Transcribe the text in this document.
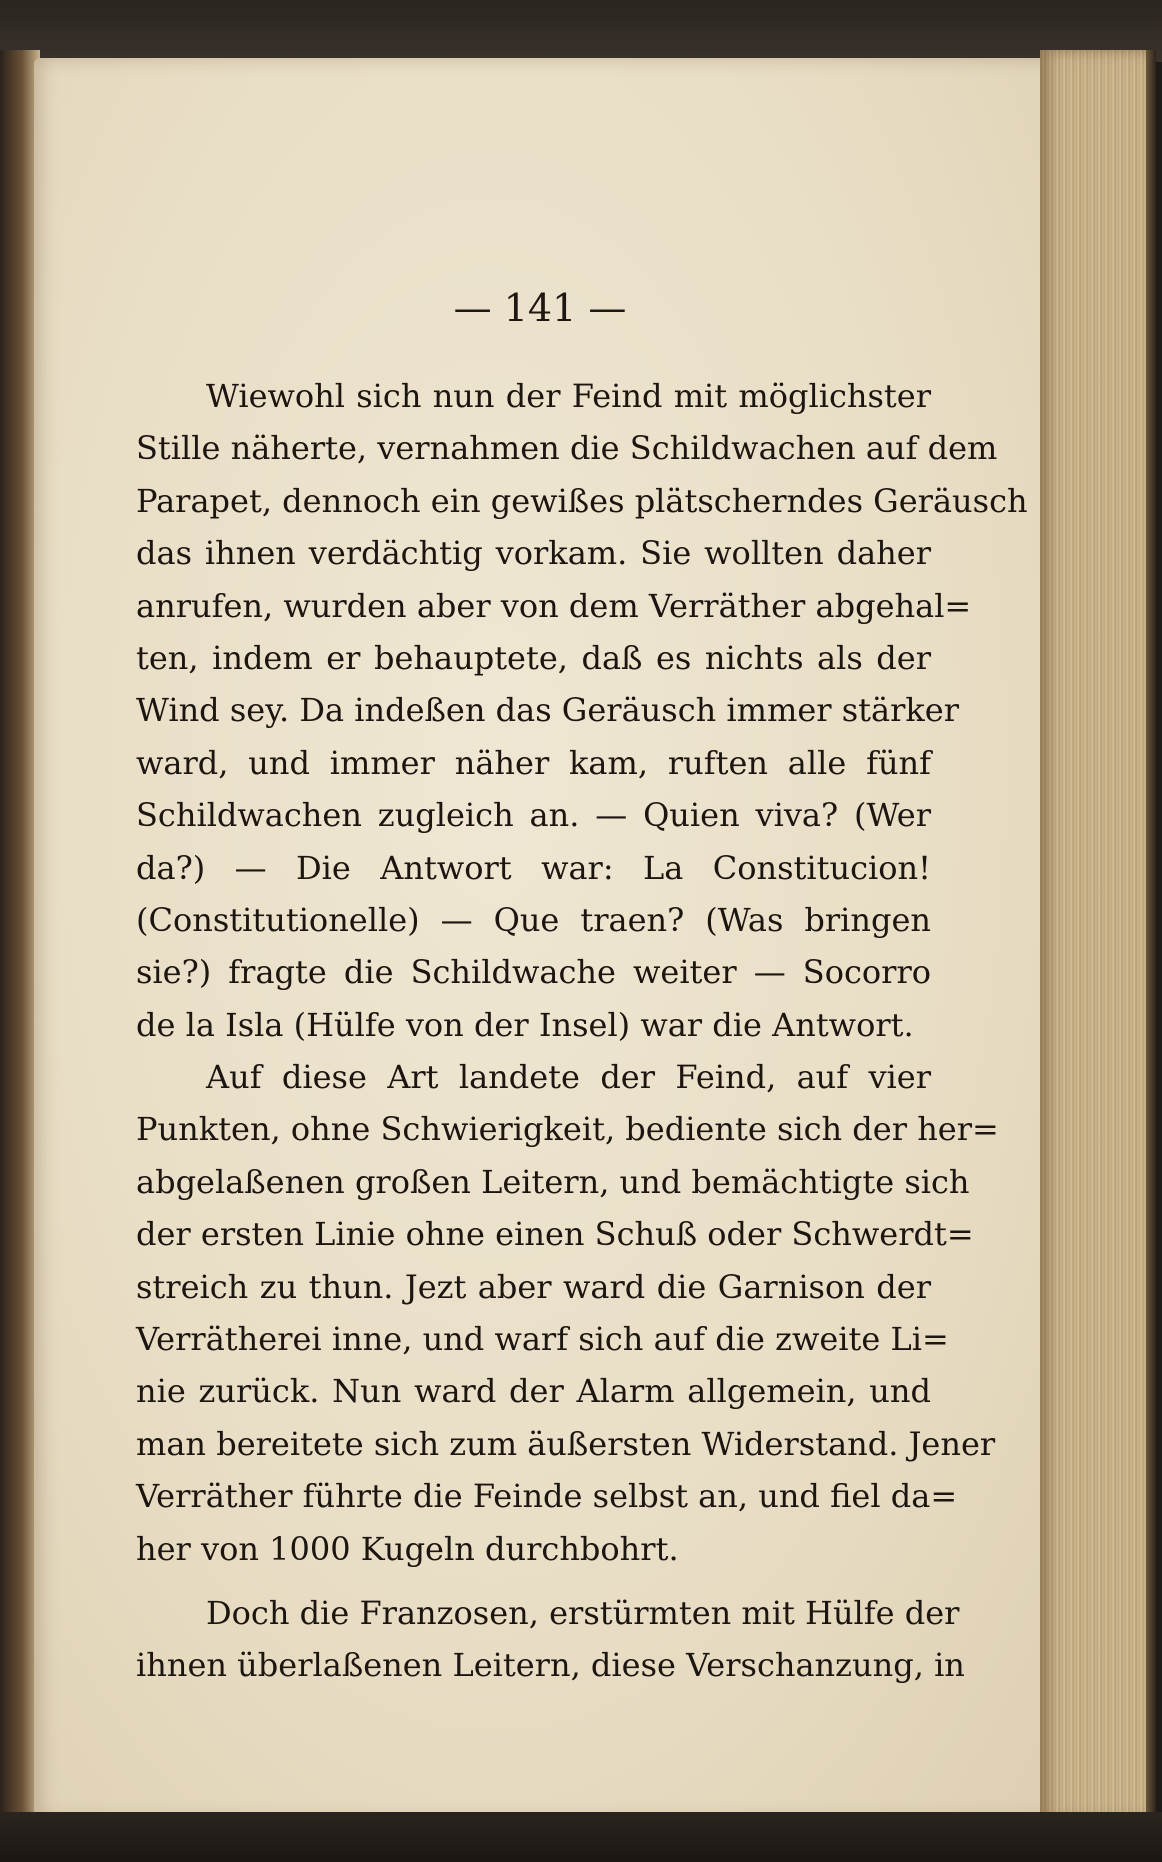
— 141 —
Wiewohl sich nun der Feind mit möglichster
Stille näherte, vernahmen die Schildwachen auf dem
Parapet, dennoch ein gewißes plätscherndes Geräusch
das ihnen verdächtig vorkam. Sie wollten daher
anrufen, wurden aber von dem Verräther abgehal=
ten, indem er behauptete, daß es nichts als der
Wind sey. Da indeßen das Geräusch immer stärker
ward, und immer näher kam, ruften alle fünf
Schildwachen zugleich an. — Quien viva? (Wer
da?) — Die Antwort war: La Constitucion!
(Constitutionelle) — Que traen? (Was bringen
sie?) fragte die Schildwache weiter — Socorro
de la Isla (Hülfe von der Insel) war die Antwort.
Auf diese Art landete der Feind, auf vier
Punkten, ohne Schwierigkeit, bediente sich der her=
abgelaßenen großen Leitern, und bemächtigte sich
der ersten Linie ohne einen Schuß oder Schwerdt=
streich zu thun. Jezt aber ward die Garnison der
Verrätherei inne, und warf sich auf die zweite Li=
nie zurück. Nun ward der Alarm allgemein, und
man bereitete sich zum äußersten Widerstand. Jener
Verräther führte die Feinde selbst an, und fiel da=
her von 1000 Kugeln durchbohrt.
Doch die Franzosen, erstürmten mit Hülfe der
ihnen überlaßenen Leitern, diese Verschanzung, in
